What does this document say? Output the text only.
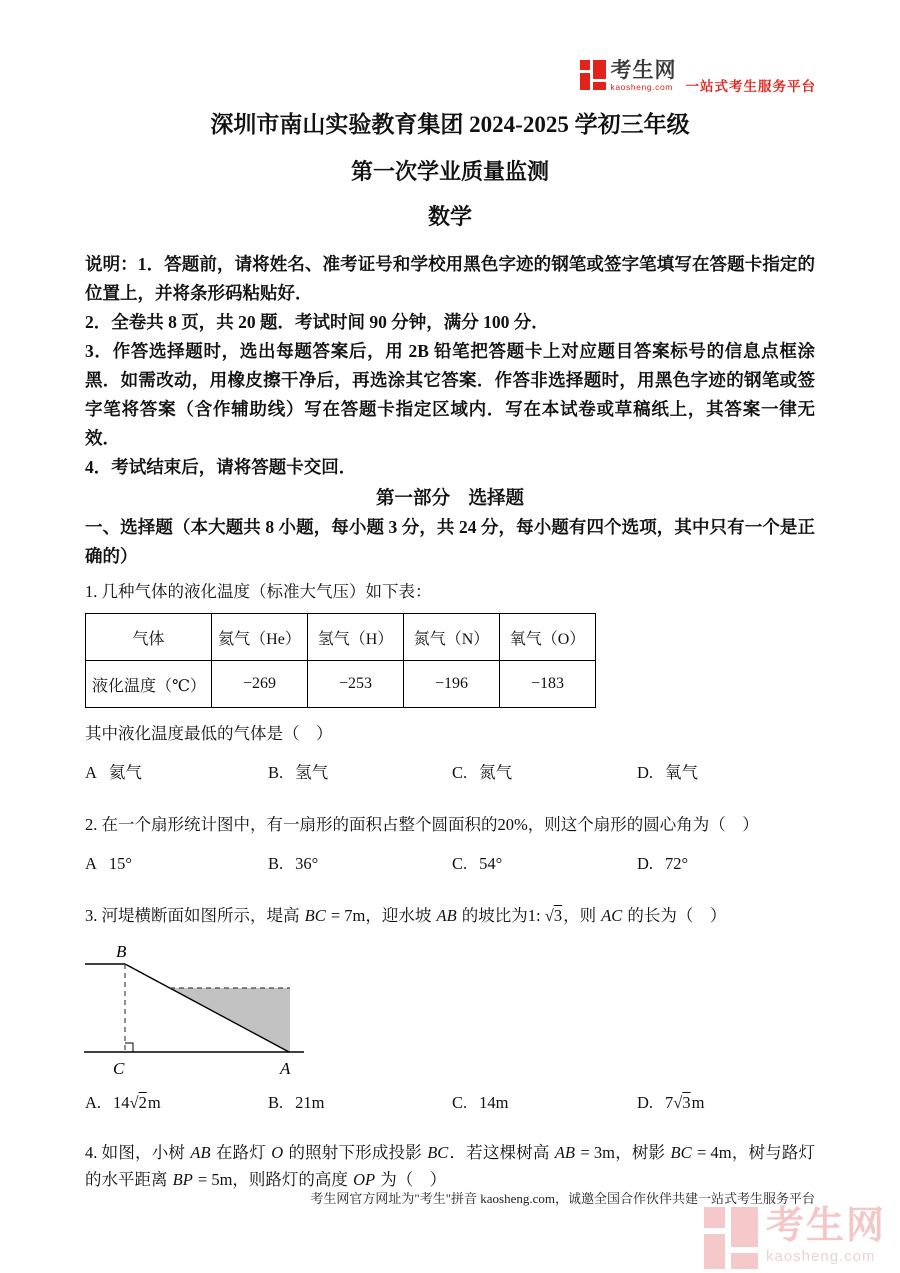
考生网
kaosheng.com 一站式考生服务平台
深圳市南山实验教育集团 2024-2025 学初三年级
第一次学业质量监测
数学

说明：1．答题前，请将姓名、准考证号和学校用黑色字迹的钢笔或签字笔填写在答题卡指定的位置上，并将条形码粘贴好．

2．全卷共 8 页，共 20 题．考试时间 90 分钟，满分 100 分．

3．作答选择题时，选出每题答案后，用 2B 铅笔把答题卡上对应题目答案标号的信息点框涂黑．如需改动，用橡皮擦干净后，再选涂其它答案．作答非选择题时，用黑色字迹的钢笔或签字笔将答案（含作辅助线）写在答题卡指定区域内．写在本试卷或草稿纸上，其答案一律无效．

4．考试结束后，请将答题卡交回．

第一部分　选择题

一、选择题（本大题共 8 小题，每小题 3 分，共 24 分，每小题有四个选项，其中只有一个是正确的）

1. 几种气体的液化温度（标准大气压）如下表：

气体	氦气（He）	氢气（H）	氮气（N）	氧气（O）
液化温度（℃）	−269	−253	−196	−183

其中液化温度最低的气体是（　）

A 氦气	B. 氢气	C. 氮气	D. 氧气

2. 在一个扇形统计图中，有一扇形的面积占整个圆面积的20%，则这个扇形的圆心角为（　）

A 15°	B. 36°	C. 54°	D. 72°

3. 河堤横断面如图所示，堤高 BC = 7m，迎水坡 AB 的坡比为1: √3，则 AC 的长为（　）

B
C	A
A. 14√2m	B. 21m	C. 14m	D. 7√3m

4. 如图，小树 AB 在路灯 O 的照射下形成投影 BC．若这棵树高 AB = 3m，树影 BC = 4m，树与路灯的水平距离 BP = 5m，则路灯的高度 OP 为（　）

考生网官方网址为"考生"拼音 kaosheng.com，诚邀全国合作伙伴共建一站式考生服务平台
考生网
kaosheng.com
